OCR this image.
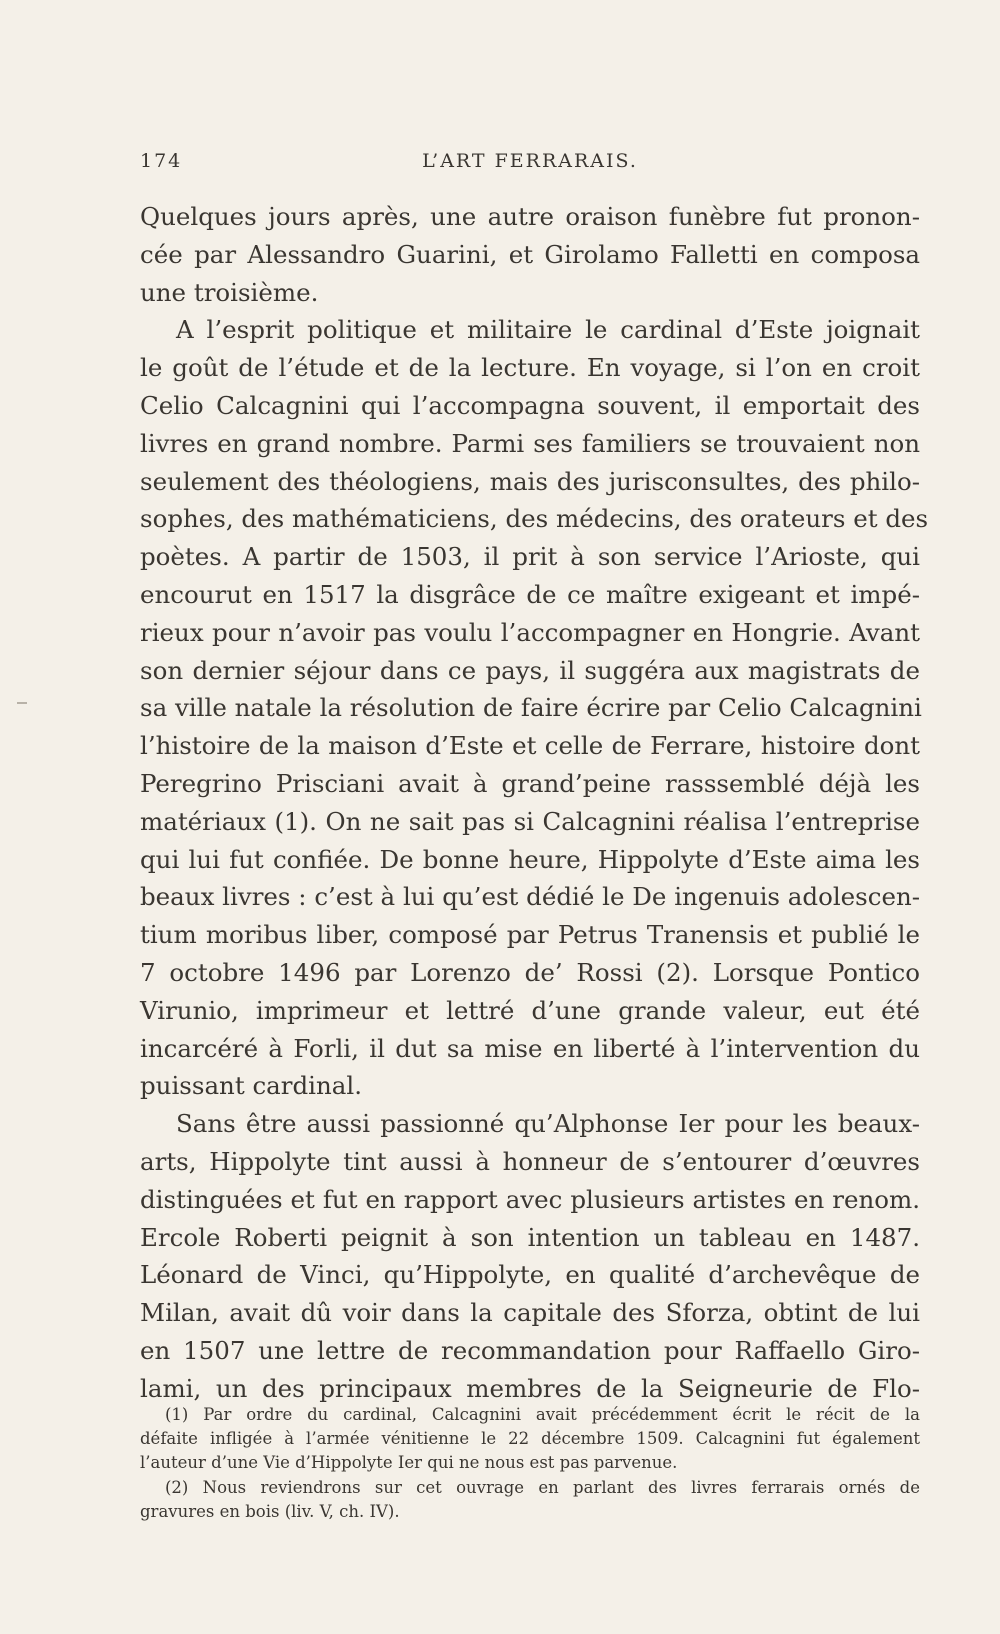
174	L’ART FERRARAIS.
Quelques jours après, une autre oraison funèbre fut pronon-
cée par Alessandro Guarini, et Girolamo Falletti en composa
une troisième.
A l’esprit politique et militaire le cardinal d’Este joignait
le goût de l’étude et de la lecture. En voyage, si l’on en croit
Celio Calcagnini qui l’accompagna souvent, il emportait des
livres en grand nombre. Parmi ses familiers se trouvaient non
seulement des théologiens, mais des jurisconsultes, des philo-
sophes, des mathématiciens, des médecins, des orateurs et des
poètes. A partir de 1503, il prit à son service l’Arioste, qui
encourut en 1517 la disgrâce de ce maître exigeant et impé-
rieux pour n’avoir pas voulu l’accompagner en Hongrie. Avant
son dernier séjour dans ce pays, il suggéra aux magistrats de
sa ville natale la résolution de faire écrire par Celio Calcagnini
l’histoire de la maison d’Este et celle de Ferrare, histoire dont
Peregrino Prisciani avait à grand’peine rasssemblé déjà les
matériaux (1). On ne sait pas si Calcagnini réalisa l’entreprise
qui lui fut confiée. De bonne heure, Hippolyte d’Este aima les
beaux livres : c’est à lui qu’est dédié le De ingenuis adolescen-
tium moribus liber, composé par Petrus Tranensis et publié le
7 octobre 1496 par Lorenzo de’ Rossi (2). Lorsque Pontico
Virunio, imprimeur et lettré d’une grande valeur, eut été
incarcéré à Forli, il dut sa mise en liberté à l’intervention du
puissant cardinal.
Sans être aussi passionné qu’Alphonse Ier pour les beaux-
arts, Hippolyte tint aussi à honneur de s’entourer d’œuvres
distinguées et fut en rapport avec plusieurs artistes en renom.
Ercole Roberti peignit à son intention un tableau en 1487.
Léonard de Vinci, qu’Hippolyte, en qualité d’archevêque de
Milan, avait dû voir dans la capitale des Sforza, obtint de lui
en 1507 une lettre de recommandation pour Raffaello Giro-
lami, un des principaux membres de la Seigneurie de Flo-
(1) Par ordre du cardinal, Calcagnini avait précédemment écrit le récit de la
défaite infligée à l’armée vénitienne le 22 décembre 1509. Calcagnini fut également
l’auteur d’une Vie d’Hippolyte Ier qui ne nous est pas parvenue.
(2) Nous reviendrons sur cet ouvrage en parlant des livres ferrarais ornés de
gravures en bois (liv. V, ch. IV).
